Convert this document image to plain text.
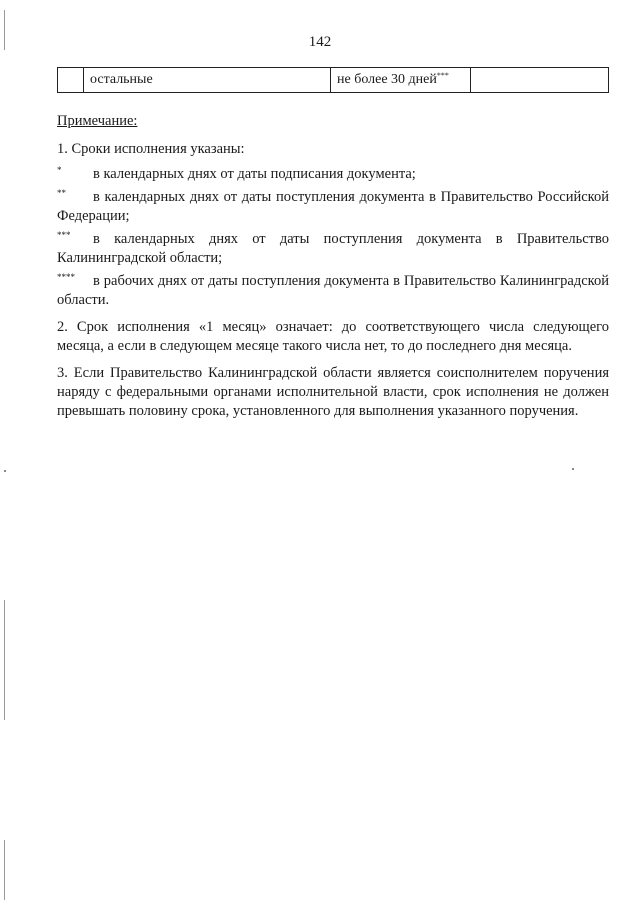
142
остальные	не более 30 дней***

Примечание:

1. Сроки исполнения указаны:

*	в календарных днях от даты подписания документа;

**	в календарных днях от даты поступления документа в Правительство Российской Федерации;

***	в календарных днях от даты поступления документа в Правительство Калининградской области;

****	в рабочих днях от даты поступления документа в Правительство Калининградской области.

2. Срок исполнения «1 месяц» означает: до соответствующего числа следующего месяца, а если в следующем месяце такого числа нет, то до последнего дня месяца.

3. Если Правительство Калининградской области является соисполнителем поручения наряду с федеральными органами исполнительной власти, срок исполнения не должен превышать половину срока, установленного для выполнения указанного поручения.
